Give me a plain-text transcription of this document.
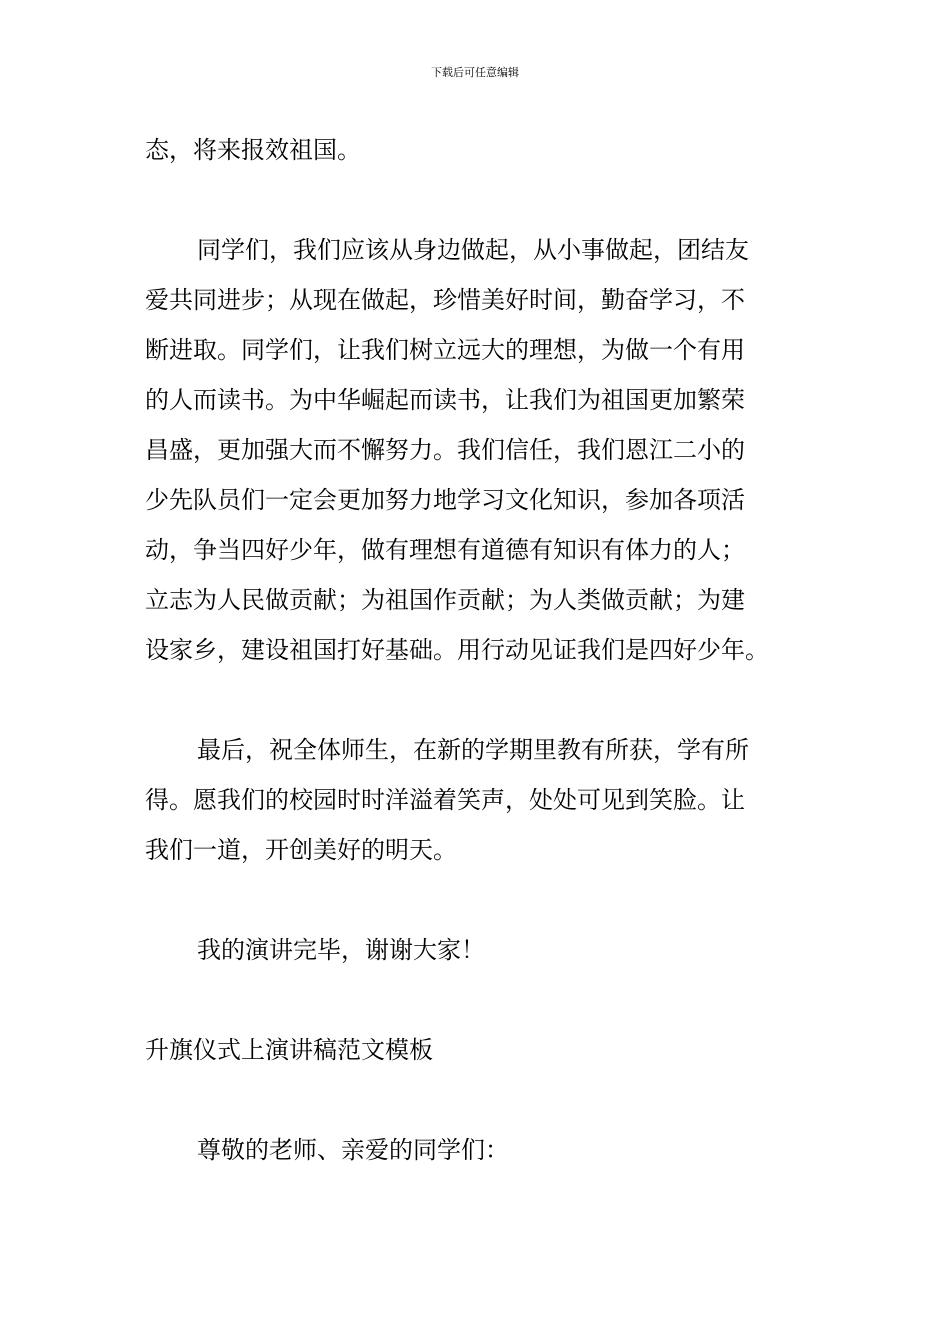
下载后可任意编辑
态，将来报效祖国。
同学们，我们应该从身边做起，从小事做起，团结友
爱共同进步；从现在做起，珍惜美好时间，勤奋学习，不
断进取。同学们，让我们树立远大的理想，为做一个有用
的人而读书。为中华崛起而读书，让我们为祖国更加繁荣
昌盛，更加强大而不懈努力。我们信任，我们恩江二小的
少先队员们一定会更加努力地学习文化知识，参加各项活
动，争当四好少年，做有理想有道德有知识有体力的人；
立志为人民做贡献；为祖国作贡献；为人类做贡献；为建
设家乡，建设祖国打好基础。用行动见证我们是四好少年。
最后，祝全体师生，在新的学期里教有所获，学有所
得。愿我们的校园时时洋溢着笑声，处处可见到笑脸。让
我们一道，开创美好的明天。
我的演讲完毕，谢谢大家！
升旗仪式上演讲稿范文模板
尊敬的老师、亲爱的同学们：
